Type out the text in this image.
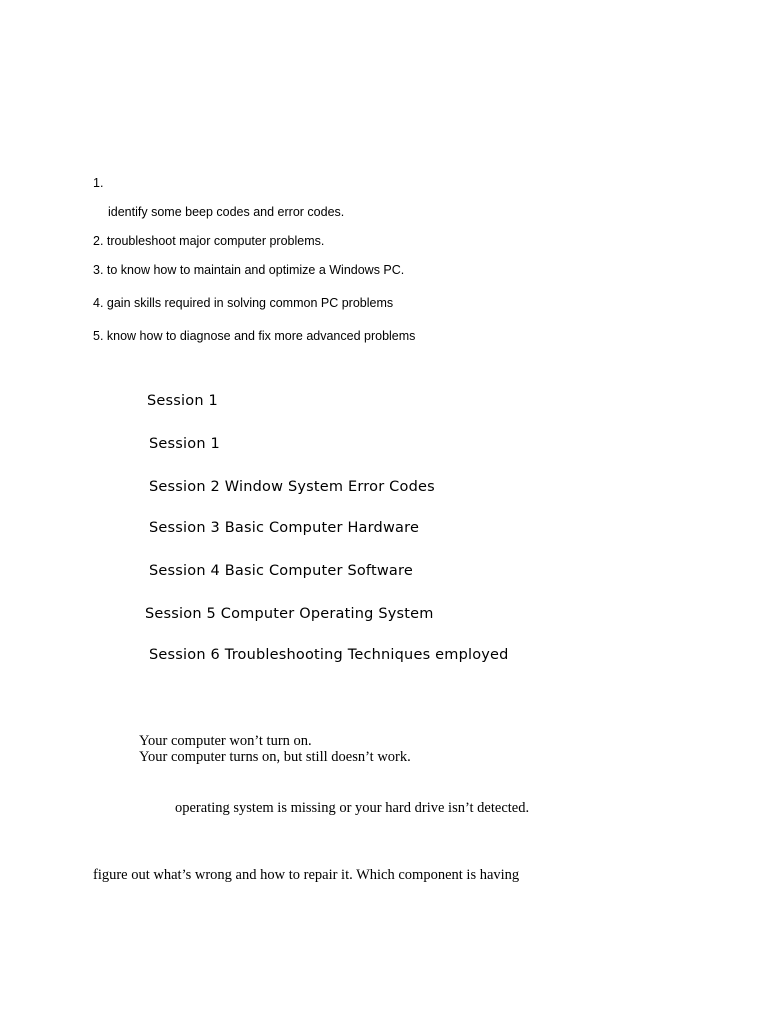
1.

identify some beep codes and error codes.

2. troubleshoot major computer problems.

3. to know how to maintain and optimize a Windows PC.

4. gain skills required in solving common PC problems

5. know how to diagnose and fix more advanced problems

Session 1

Session 1

Session 2 Window System Error Codes

Session 3 Basic Computer Hardware

Session 4 Basic Computer Software

Session 5 Computer Operating System

Session 6 Troubleshooting Techniques employed

Your computer won’t turn on.

Your computer turns on, but still doesn’t work.

operating system is missing or your hard drive isn’t detected.

figure out what’s wrong and how to repair it. Which component is having
